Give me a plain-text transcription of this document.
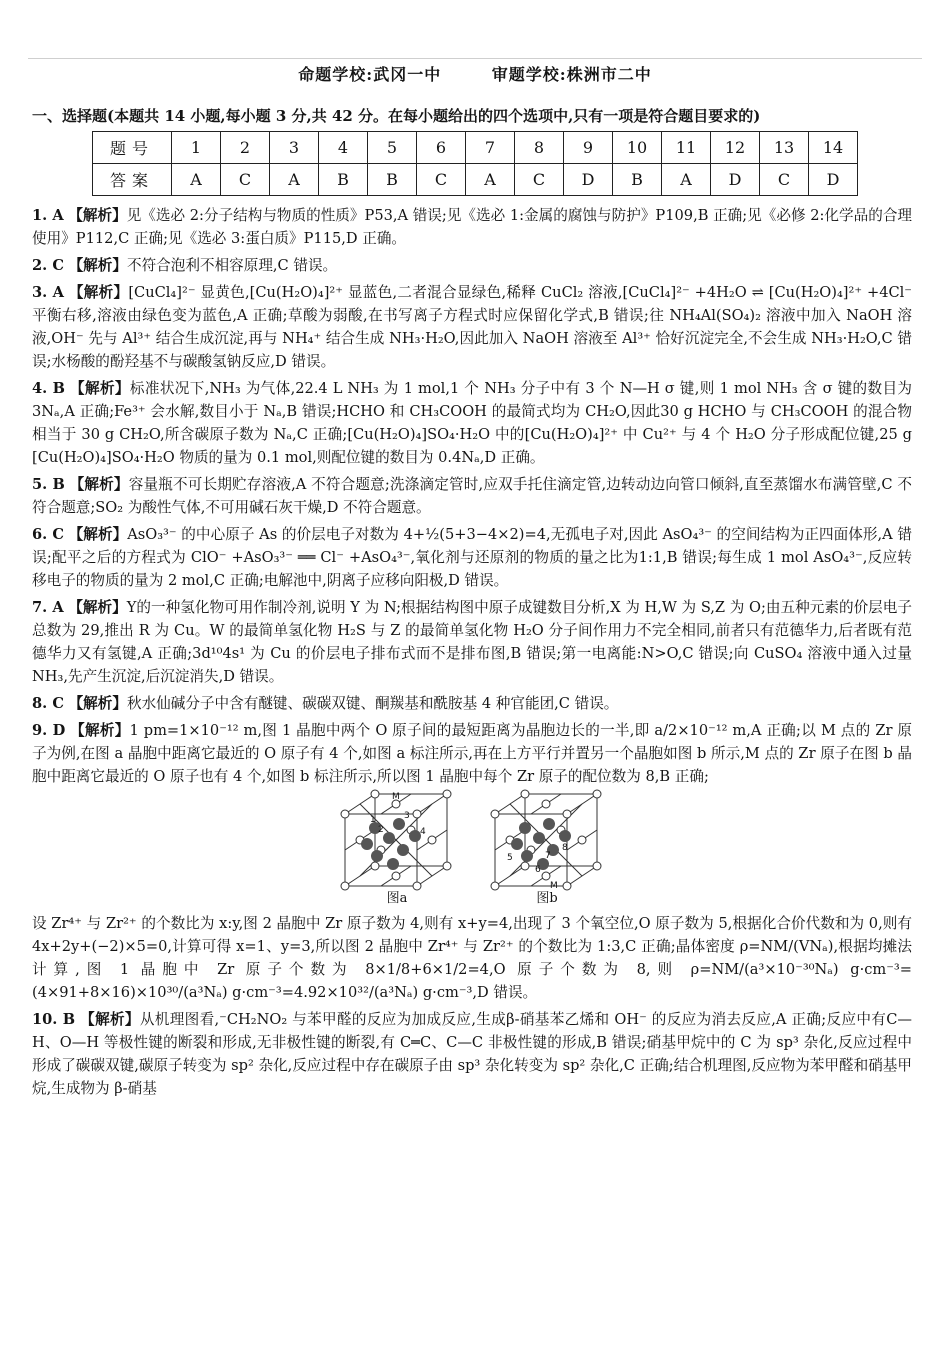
命题学校:武冈一中	审题学校:株洲市二中
一、选择题(本题共 14 小题,每小题 3 分,共 42 分。在每小题给出的四个选项中,只有一项是符合题目要求的)
题号	1	2	3	4	5	6	7	8	9	10	11	12	13	14
答案	A	C	A	B	B	C	A	C	D	B	A	D	C	D

1. A 【解析】见《选必 2:分子结构与物质的性质》P53,A 错误;见《选必 1:金属的腐蚀与防护》P109,B 正确;见《必修 2:化学品的合理使用》P112,C 正确;见《选必 3:蛋白质》P115,D 正确。

2. C 【解析】不符合泡利不相容原理,C 错误。

3. A 【解析】[CuCl₄]²⁻ 显黄色,[Cu(H₂O)₄]²⁺ 显蓝色,二者混合显绿色,稀释 CuCl₂ 溶液,[CuCl₄]²⁻ +4H₂O ⇌ [Cu(H₂O)₄]²⁺ +4Cl⁻ 平衡右移,溶液由绿色变为蓝色,A 正确;草酸为弱酸,在书写离子方程式时应保留化学式,B 错误;往 NH₄Al(SO₄)₂ 溶液中加入 NaOH 溶液,OH⁻ 先与 Al³⁺ 结合生成沉淀,再与 NH₄⁺ 结合生成 NH₃·H₂O,因此加入 NaOH 溶液至 Al³⁺ 恰好沉淀完全,不会生成 NH₃·H₂O,C 错误;水杨酸的酚羟基不与碳酸氢钠反应,D 错误。

4. B 【解析】标准状况下,NH₃ 为气体,22.4 L NH₃ 为 1 mol,1 个 NH₃ 分子中有 3 个 N—H σ 键,则 1 mol NH₃ 含 σ 键的数目为 3Nₐ,A 正确;Fe³⁺ 会水解,数目小于 Nₐ,B 错误;HCHO 和 CH₃COOH 的最简式均为 CH₂O,因此30 g HCHO 与 CH₃COOH 的混合物相当于 30 g CH₂O,所含碳原子数为 Nₐ,C 正确;[Cu(H₂O)₄]SO₄·H₂O 中的[Cu(H₂O)₄]²⁺ 中 Cu²⁺ 与 4 个 H₂O 分子形成配位键,25 g [Cu(H₂O)₄]SO₄·H₂O 物质的量为 0.1 mol,则配位键的数目为 0.4Nₐ,D 正确。

5. B 【解析】容量瓶不可长期贮存溶液,A 不符合题意;洗涤滴定管时,应双手托住滴定管,边转动边向管口倾斜,直至蒸馏水布满管壁,C 不符合题意;SO₂ 为酸性气体,不可用碱石灰干燥,D 不符合题意。

6. C 【解析】AsO₃³⁻ 的中心原子 As 的价层电子对数为 4+½(5+3−4×2)=4,无孤电子对,因此 AsO₄³⁻ 的空间结构为正四面体形,A 错误;配平之后的方程式为 ClO⁻ +AsO₃³⁻ ══ Cl⁻ +AsO₄³⁻,氧化剂与还原剂的物质的量之比为1:1,B 错误;每生成 1 mol AsO₄³⁻,反应转移电子的物质的量为 2 mol,C 正确;电解池中,阴离子应移向阳极,D 错误。

7. A 【解析】Y的一种氢化物可用作制冷剂,说明 Y 为 N;根据结构图中原子成键数目分析,X 为 H,W 为 S,Z 为 O;由五种元素的价层电子总数为 29,推出 R 为 Cu。W 的最简单氢化物 H₂S 与 Z 的最简单氢化物 H₂O 分子间作用力不完全相同,前者只有范德华力,后者既有范德华力又有氢键,A 正确;3d¹⁰4s¹ 为 Cu 的价层电子排布式而不是排布图,B 错误;第一电离能:N>O,C 错误;向 CuSO₄ 溶液中通入过量 NH₃,先产生沉淀,后沉淀消失,D 错误。

8. C 【解析】秋水仙碱分子中含有醚键、碳碳双键、酮羰基和酰胺基 4 种官能团,C 错误。

9. D 【解析】1 pm=1×10⁻¹² m,图 1 晶胞中两个 O 原子间的最短距离为晶胞边长的一半,即 a/2×10⁻¹² m,A 正确;以 M 点的 Zr 原子为例,在图 a 晶胞中距离它最近的 O 原子有 4 个,如图 a 标注所示,再在上方平行并置另一个晶胞如图 b 所示,M 点的 Zr 原子在图 b 晶胞中距离它最近的 O 原子也有 4 个,如图 b 标注所示,所以图 1 晶胞中每个 Zr 原子的配位数为 8,B 正确;

M
1
2
3
4
图a
M
5
6
7
8
图b

设 Zr⁴⁺ 与 Zr²⁺ 的个数比为 x:y,图 2 晶胞中 Zr 原子数为 4,则有 x+y=4,出现了 3 个氧空位,O 原子数为 5,根据化合价代数和为 0,则有 4x+2y+(−2)×5=0,计算可得 x=1、y=3,所以图 2 晶胞中 Zr⁴⁺ 与 Zr²⁺ 的个数比为 1:3,C 正确;晶体密度 ρ=NM/(VNₐ),根据均摊法计算,图 1 晶胞中 Zr 原子个数为 8×1/8+6×1/2=4,O 原子个数为 8,则 ρ=NM/(a³×10⁻³⁰Nₐ) g·cm⁻³=(4×91+8×16)×10³⁰/(a³Nₐ) g·cm⁻³=4.92×10³²/(a³Nₐ) g·cm⁻³,D 错误。

10. B 【解析】从机理图看,⁻CH₂NO₂ 与苯甲醛的反应为加成反应,生成β-硝基苯乙烯和 OH⁻ 的反应为消去反应,A 正确;反应中有C—H、O—H 等极性键的断裂和形成,无非极性键的断裂,有 C═C、C—C 非极性键的形成,B 错误;硝基甲烷中的 C 为 sp³ 杂化,反应过程中形成了碳碳双键,碳原子转变为 sp² 杂化,反应过程中存在碳原子由 sp³ 杂化转变为 sp² 杂化,C 正确;结合机理图,反应物为苯甲醛和硝基甲烷,生成物为 β-硝基
